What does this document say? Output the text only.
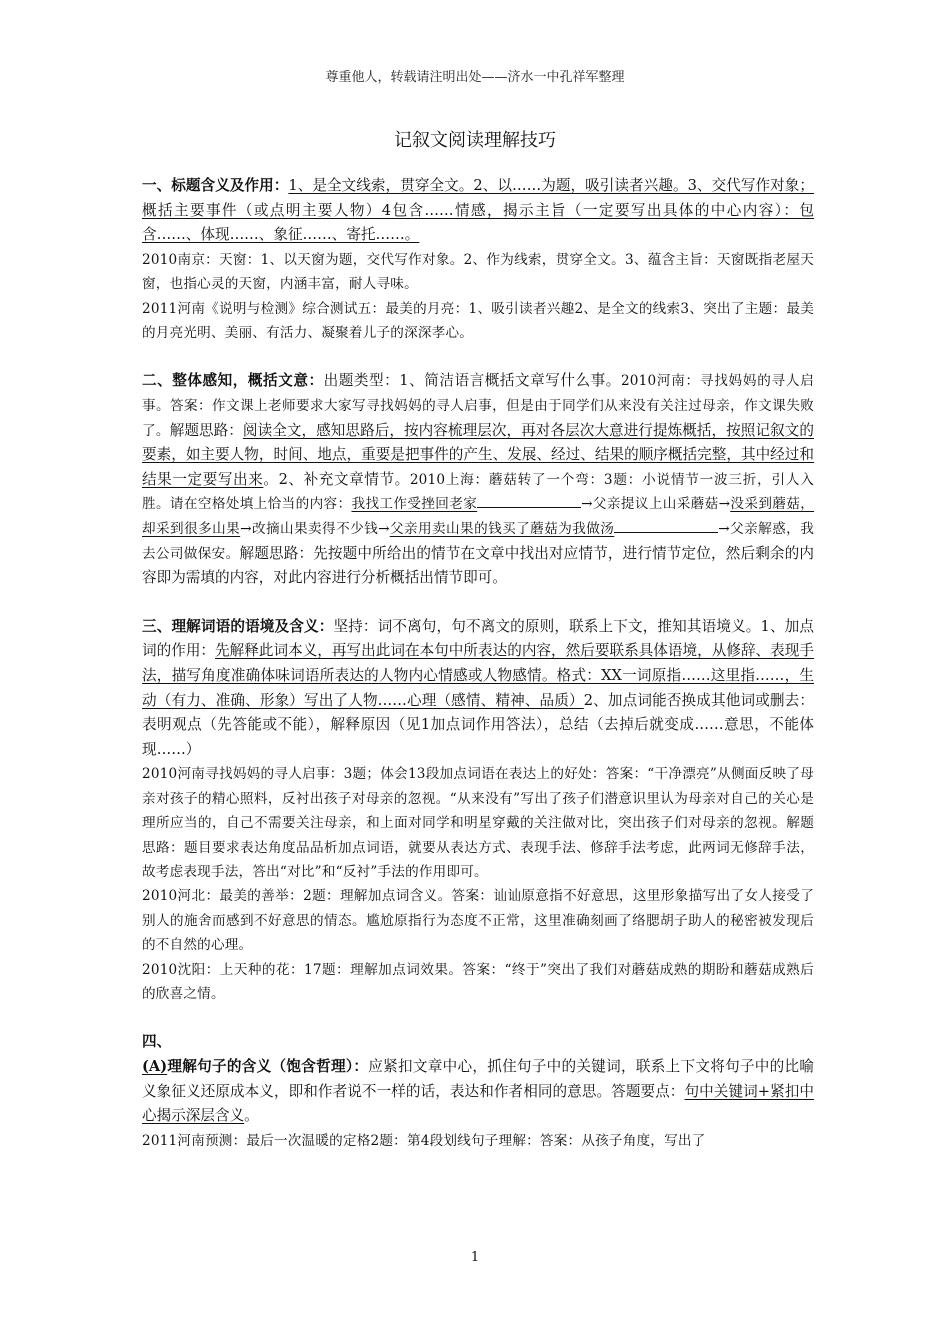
尊重他人，转载请注明出处——济水一中孔祥军整理
记叙文阅读理解技巧

一、标题含义及作用：1、是全文线索，贯穿全文。2、以……为题，吸引读者兴趣。3、交代写作对象；概括主要事件（或点明主要人物）4包含……情感，揭示主旨（一定要写出具体的中心内容）：包含……、体现……、象征……、寄托……。

2010南京：天窗：1、以天窗为题，交代写作对象。2、作为线索，贯穿全文。3、蕴含主旨：天窗既指老屋天窗，也指心灵的天窗，内涵丰富，耐人寻味。

2011河南《说明与检测》综合测试五：最美的月亮：1、吸引读者兴趣2、是全文的线索3、突出了主题：最美的月亮光明、美丽、有活力、凝聚着儿子的深深孝心。

二、整体感知，概括文意：出题类型：1、简洁语言概括文章写什么事。2010河南：寻找妈妈的寻人启事。答案：作文课上老师要求大家写寻找妈妈的寻人启事，但是由于同学们从来没有关注过母亲，作文课失败了。解题思路：阅读全文，感知思路后，按内容梳理层次，再对各层次大意进行提炼概括，按照记叙文的要素，如主要人物，时间、地点，重要是把事件的产生、发展、经过、结果的顺序概括完整，其中经过和结果一定要写出来。2、补充文章情节。2010上海：蘑菇转了一个弯：3题：小说情节一波三折，引人入胜。请在空格处填上恰当的内容：我找工作受挫回老家	→父亲提议上山采蘑菇→没采到蘑菇，却采到很多山果→改摘山果卖得不少钱→父亲用卖山果的钱买了蘑菇为我做汤	→父亲解惑，我去公司做保安。解题思路：先按题中所给出的情节在文章中找出对应情节，进行情节定位，然后剩余的内容即为需填的内容，对此内容进行分析概括出情节即可。

三、理解词语的语境及含义：坚持：词不离句，句不离文的原则，联系上下文，推知其语境义。1、加点词的作用：先解释此词本义，再写出此词在本句中所表达的内容，然后要联系具体语境，从修辞、表现手法，描写角度准确体味词语所表达的人物内心情感或人物感情。格式：XX一词原指……这里指……，生动（有力、准确、形象）写出了人物……心理（感情、精神、品质）2、加点词能否换成其他词或删去：表明观点（先答能或不能），解释原因（见1加点词作用答法），总结（去掉后就变成……意思，不能体现……）

2010河南寻找妈妈的寻人启事：3题；体会13段加点词语在表达上的好处：答案：“干净漂亮”从侧面反映了母亲对孩子的精心照料，反衬出孩子对母亲的忽视。“从来没有”写出了孩子们潜意识里认为母亲对自己的关心是理所应当的，自己不需要关注母亲，和上面对同学和明星穿戴的关注做对比，突出孩子们对母亲的忽视。解题思路：题目要求表达角度品品析加点词语，就要从表达方式、表现手法、修辞手法考虑，此两词无修辞手法，故考虑表现手法，答出“对比”和“反衬”手法的作用即可。

2010河北：最美的善举：2题：理解加点词含义。答案：讪讪原意指不好意思，这里形象描写出了女人接受了别人的施舍而感到不好意思的情态。尴尬原指行为态度不正常，这里准确刻画了络腮胡子助人的秘密被发现后的不自然的心理。

2010沈阳：上天种的花：17题：理解加点词效果。答案：“终于”突出了我们对蘑菇成熟的期盼和蘑菇成熟后的欣喜之情。

四、

(A)理解句子的含义（饱含哲理）：应紧扣文章中心，抓住句子中的关键词，联系上下文将句子中的比喻义象征义还原成本义，即和作者说不一样的话，表达和作者相同的意思。答题要点：句中关键词+紧扣中心揭示深层含义。

2011河南预测：最后一次温暖的定格2题：第4段划线句子理解：答案：从孩子角度，写出了

1
